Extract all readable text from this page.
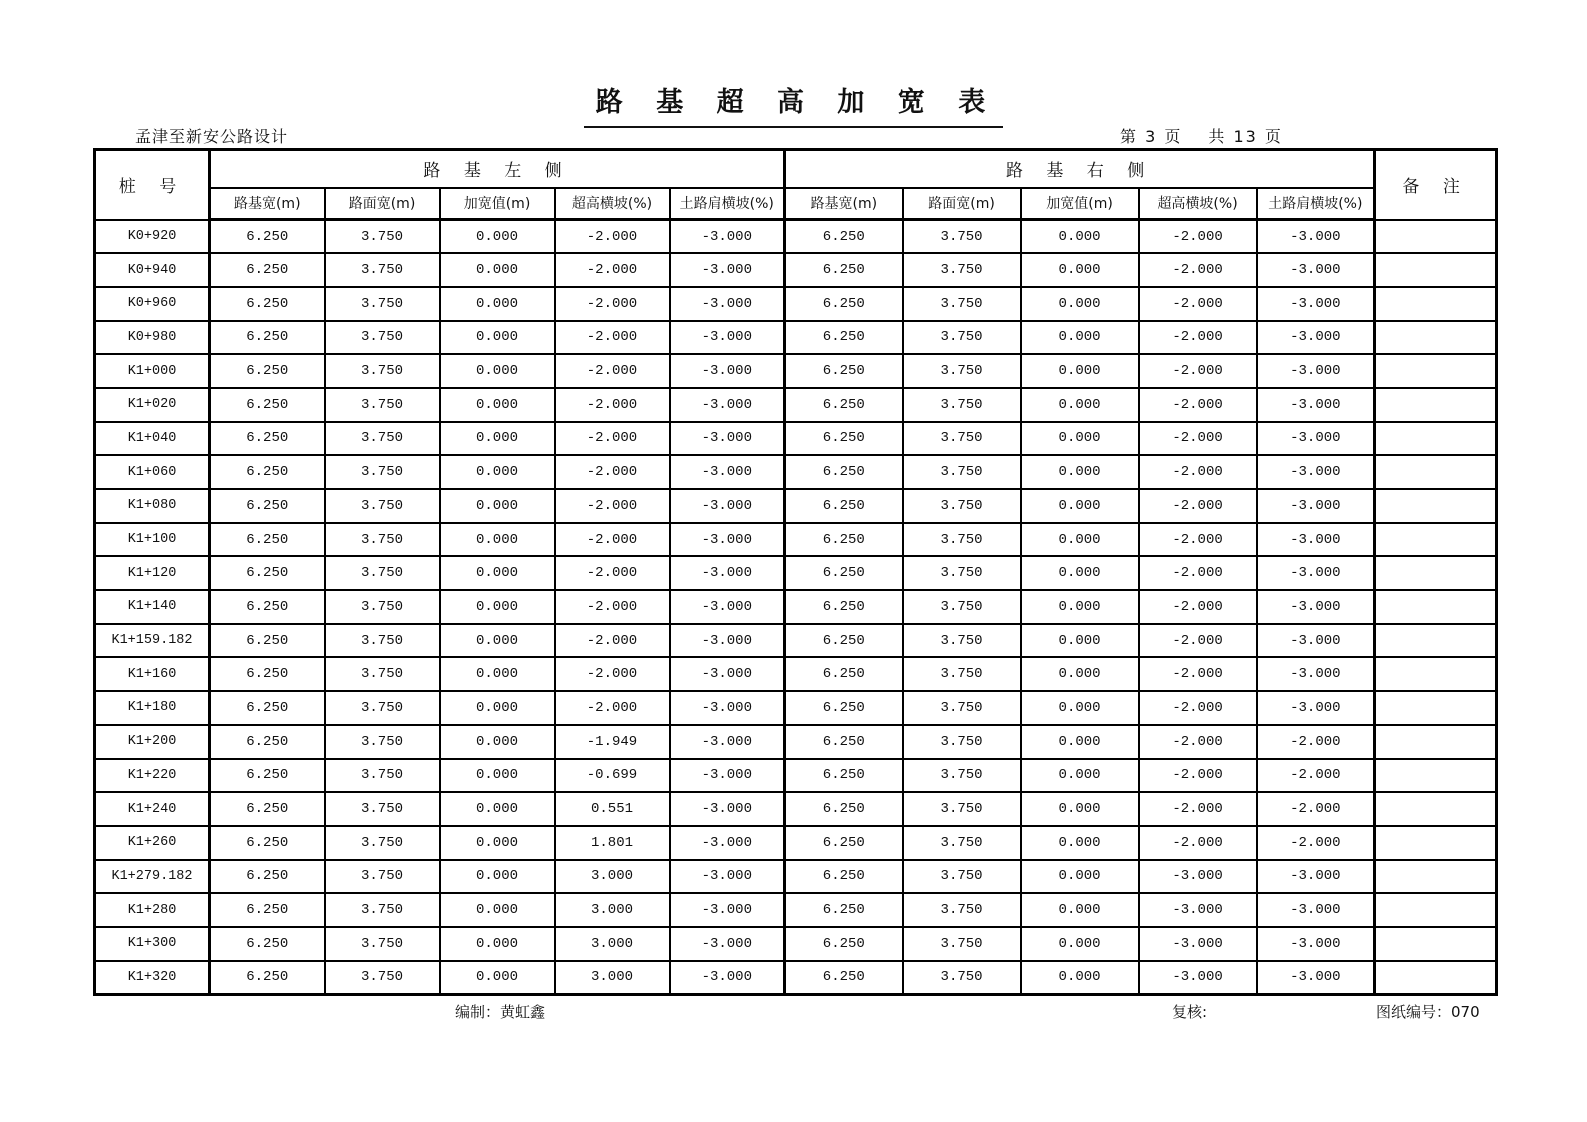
路 基 超 高 加 宽 表
孟津至新安公路设计	第 3 页 共 13 页
桩 号	路 基 左 侧					路 基 右 侧					备 注
	路基宽(m)	路面宽(m)	加宽值(m)	超高横坡(%)	土路肩横坡(%)	路基宽(m)	路面宽(m)	加宽值(m)	超高横坡(%)	土路肩横坡(%)	
K0+920	6.250	3.750	0.000	-2.000	-3.000	6.250	3.750	0.000	-2.000	-3.000	
K0+940	6.250	3.750	0.000	-2.000	-3.000	6.250	3.750	0.000	-2.000	-3.000	
K0+960	6.250	3.750	0.000	-2.000	-3.000	6.250	3.750	0.000	-2.000	-3.000	
K0+980	6.250	3.750	0.000	-2.000	-3.000	6.250	3.750	0.000	-2.000	-3.000	
K1+000	6.250	3.750	0.000	-2.000	-3.000	6.250	3.750	0.000	-2.000	-3.000	
K1+020	6.250	3.750	0.000	-2.000	-3.000	6.250	3.750	0.000	-2.000	-3.000	
K1+040	6.250	3.750	0.000	-2.000	-3.000	6.250	3.750	0.000	-2.000	-3.000	
K1+060	6.250	3.750	0.000	-2.000	-3.000	6.250	3.750	0.000	-2.000	-3.000	
K1+080	6.250	3.750	0.000	-2.000	-3.000	6.250	3.750	0.000	-2.000	-3.000	
K1+100	6.250	3.750	0.000	-2.000	-3.000	6.250	3.750	0.000	-2.000	-3.000	
K1+120	6.250	3.750	0.000	-2.000	-3.000	6.250	3.750	0.000	-2.000	-3.000	
K1+140	6.250	3.750	0.000	-2.000	-3.000	6.250	3.750	0.000	-2.000	-3.000	
K1+159.182	6.250	3.750	0.000	-2.000	-3.000	6.250	3.750	0.000	-2.000	-3.000	
K1+160	6.250	3.750	0.000	-2.000	-3.000	6.250	3.750	0.000	-2.000	-3.000	
K1+180	6.250	3.750	0.000	-2.000	-3.000	6.250	3.750	0.000	-2.000	-3.000	
K1+200	6.250	3.750	0.000	-1.949	-3.000	6.250	3.750	0.000	-2.000	-2.000	
K1+220	6.250	3.750	0.000	-0.699	-3.000	6.250	3.750	0.000	-2.000	-2.000	
K1+240	6.250	3.750	0.000	0.551	-3.000	6.250	3.750	0.000	-2.000	-2.000	
K1+260	6.250	3.750	0.000	1.801	-3.000	6.250	3.750	0.000	-2.000	-2.000	
K1+279.182	6.250	3.750	0.000	3.000	-3.000	6.250	3.750	0.000	-3.000	-3.000	
K1+280	6.250	3.750	0.000	3.000	-3.000	6.250	3.750	0.000	-3.000	-3.000	
K1+300	6.250	3.750	0.000	3.000	-3.000	6.250	3.750	0.000	-3.000	-3.000	
K1+320	6.250	3.750	0.000	3.000	-3.000	6.250	3.750	0.000	-3.000	-3.000	
编制：黄虹鑫	复核:	图纸编号：070
